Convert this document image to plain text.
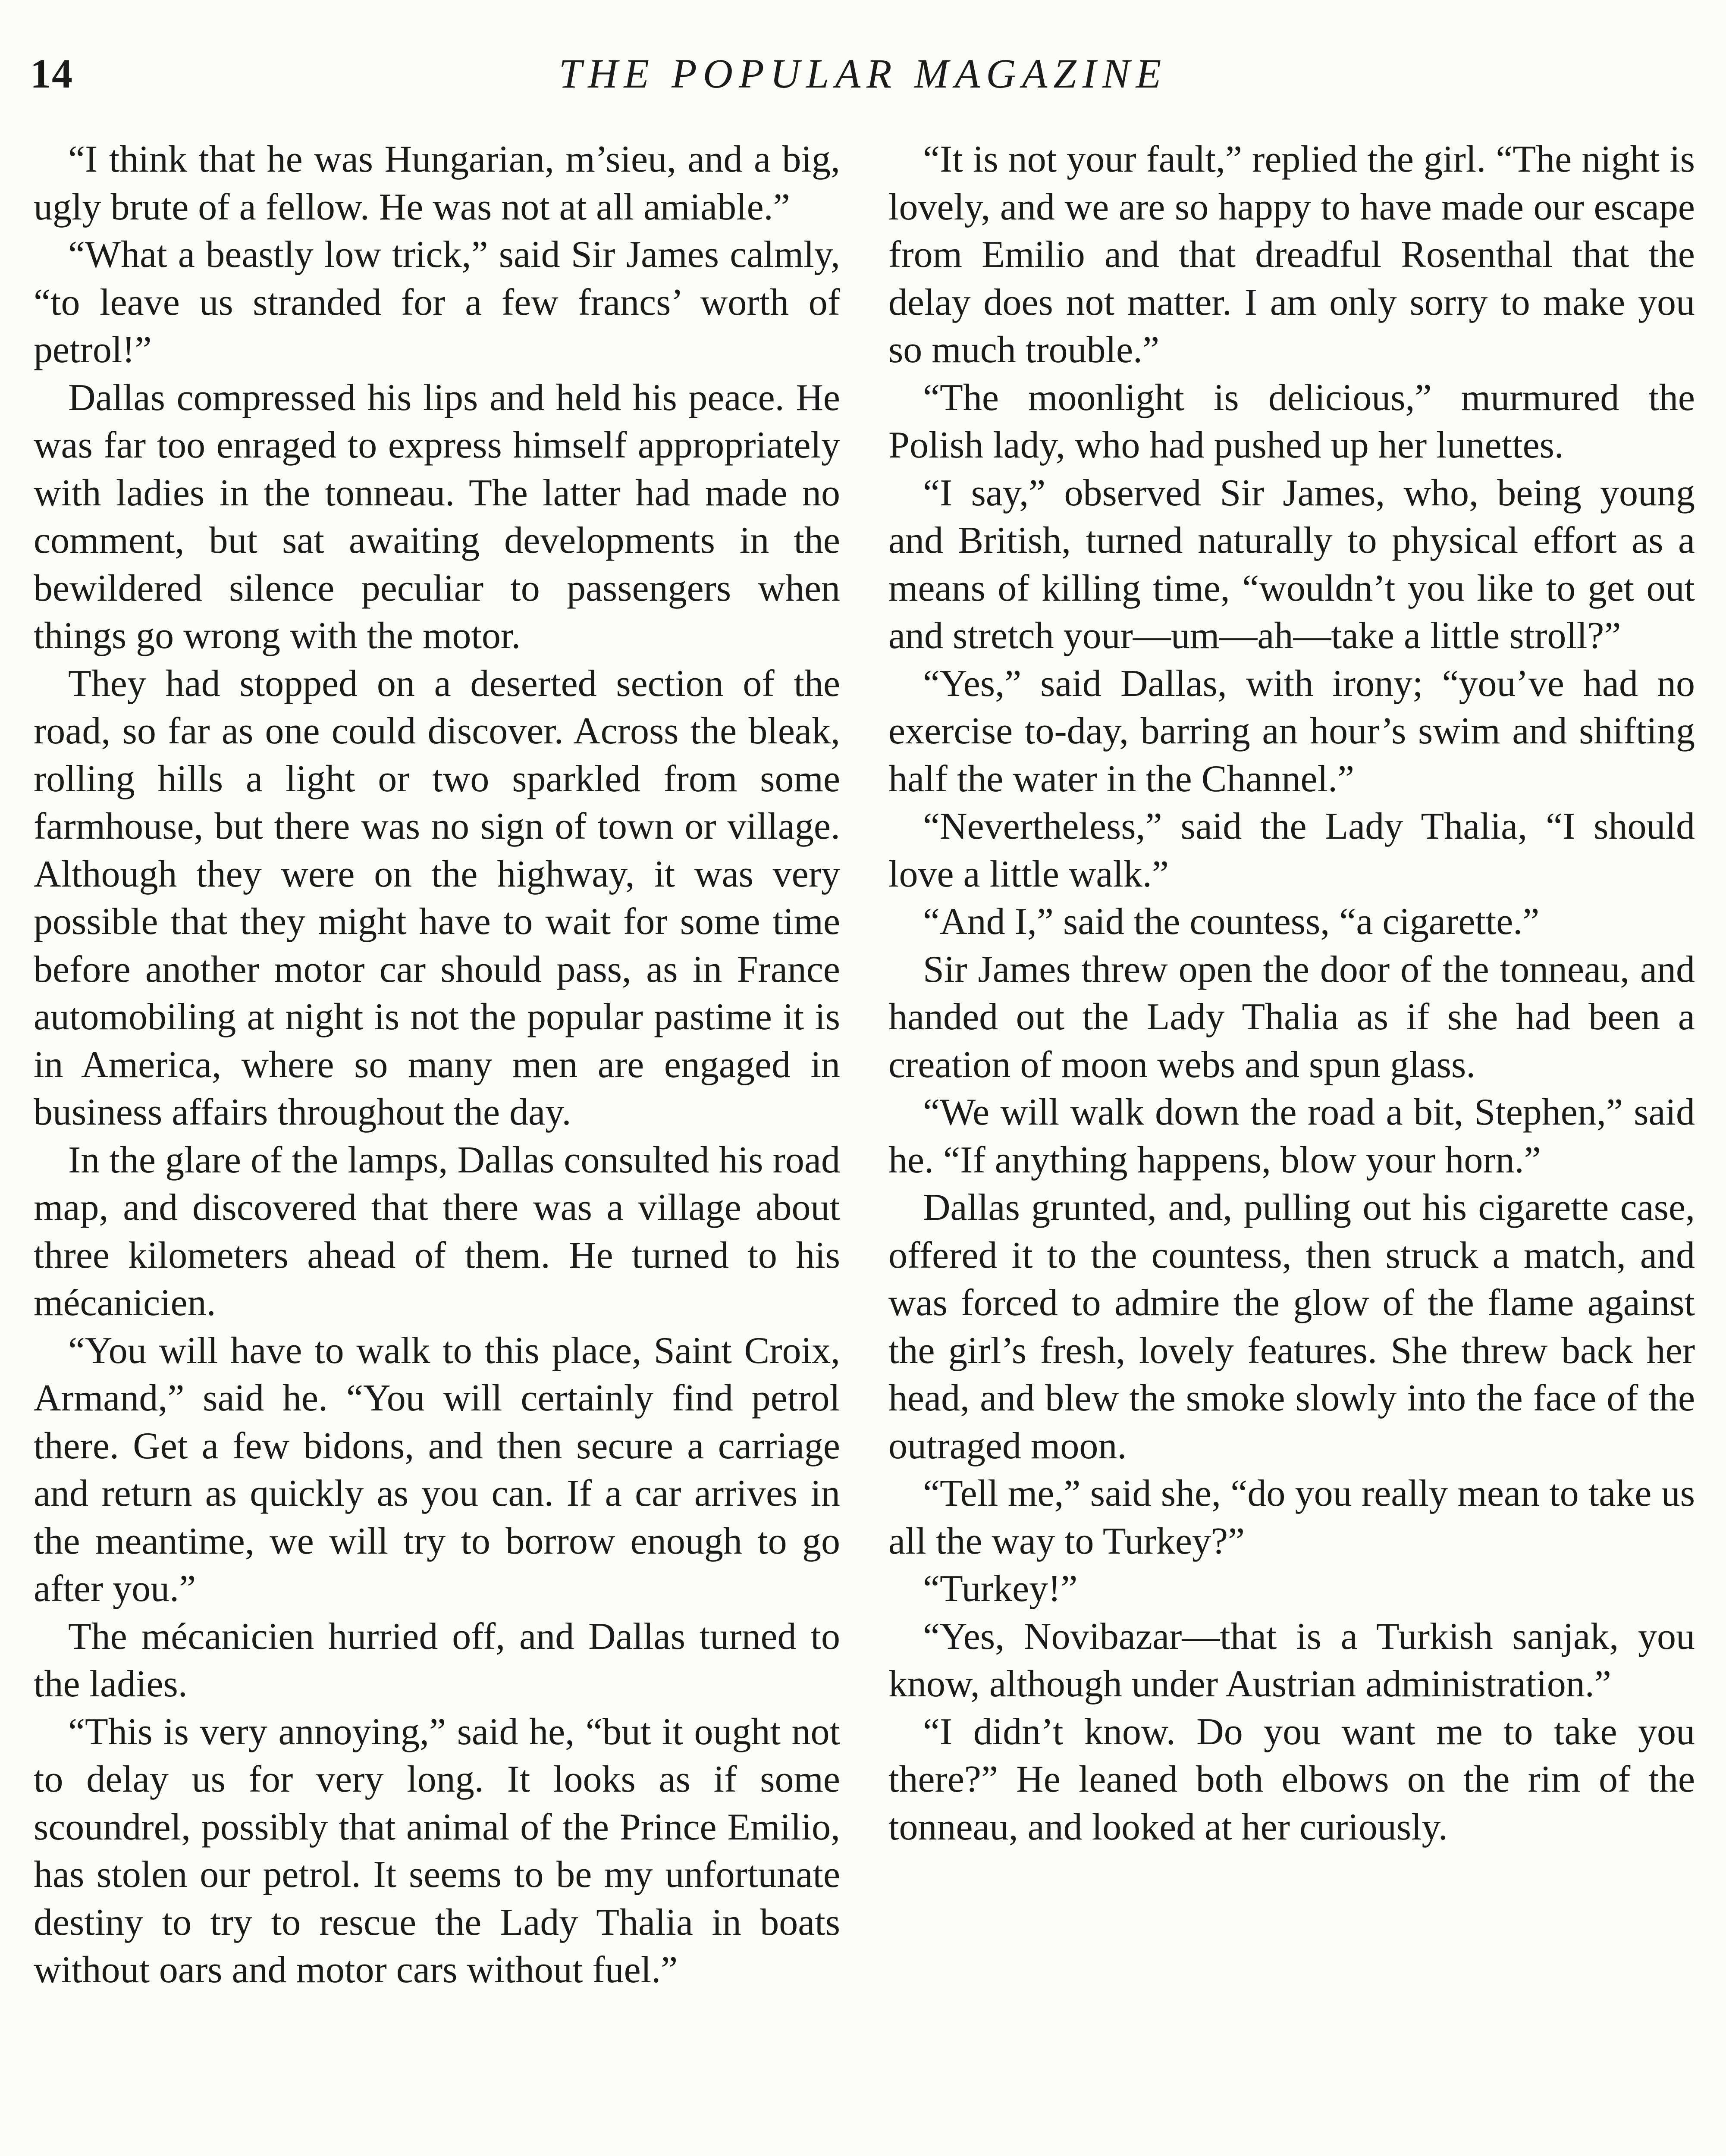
14	THE POPULAR MAGAZINE

“I think that he was Hungarian, m’sieu, and a big, ugly brute of a fellow. He was not at all amiable.”

“What a beastly low trick,” said Sir James calmly, “to leave us stranded for a few francs’ worth of petrol!”

Dallas compressed his lips and held his peace. He was far too enraged to express himself appropriately with ladies in the tonneau. The latter had made no comment, but sat awaiting developments in the bewildered silence peculiar to passengers when things go wrong with the motor.

They had stopped on a deserted section of the road, so far as one could discover. Across the bleak, rolling hills a light or two sparkled from some farmhouse, but there was no sign of town or village. Although they were on the highway, it was very possible that they might have to wait for some time before another motor car should pass, as in France automobiling at night is not the popular pastime it is in America, where so many men are engaged in business affairs throughout the day.

In the glare of the lamps, Dallas consulted his road map, and discovered that there was a village about three kilometers ahead of them. He turned to his mécanicien.

“You will have to walk to this place, Saint Croix, Armand,” said he. “You will certainly find petrol there. Get a few bidons, and then secure a carriage and return as quickly as you can. If a car arrives in the meantime, we will try to borrow enough to go after you.”

The mécanicien hurried off, and Dallas turned to the ladies.

“This is very annoying,” said he, “but it ought not to delay us for very long. It looks as if some scoundrel, possibly that animal of the Prince Emilio, has stolen our petrol. It seems to be my unfortunate destiny to try to rescue the Lady Thalia in boats without oars and motor cars without fuel.”

“It is not your fault,” replied the girl. “The night is lovely, and we are so happy to have made our escape from Emilio and that dreadful Rosenthal that the delay does not matter. I am only sorry to make you so much trouble.”

“The moonlight is delicious,” murmured the Polish lady, who had pushed up her lunettes.

“I say,” observed Sir James, who, being young and British, turned naturally to physical effort as a means of killing time, “wouldn’t you like to get out and stretch your—um—ah—take a little stroll?”

“Yes,” said Dallas, with irony; “you’ve had no exercise to-day, barring an hour’s swim and shifting half the water in the Channel.”

“Nevertheless,” said the Lady Thalia, “I should love a little walk.”

“And I,” said the countess, “a cigarette.”

Sir James threw open the door of the tonneau, and handed out the Lady Thalia as if she had been a creation of moon webs and spun glass.

“We will walk down the road a bit, Stephen,” said he. “If anything happens, blow your horn.”

Dallas grunted, and, pulling out his cigarette case, offered it to the countess, then struck a match, and was forced to admire the glow of the flame against the girl’s fresh, lovely features. She threw back her head, and blew the smoke slowly into the face of the outraged moon.

“Tell me,” said she, “do you really mean to take us all the way to Turkey?”

“Turkey!”

“Yes, Novibazar—that is a Turkish sanjak, you know, although under Austrian administration.”

“I didn’t know. Do you want me to take you there?” He leaned both elbows on the rim of the tonneau, and looked at her curiously.
